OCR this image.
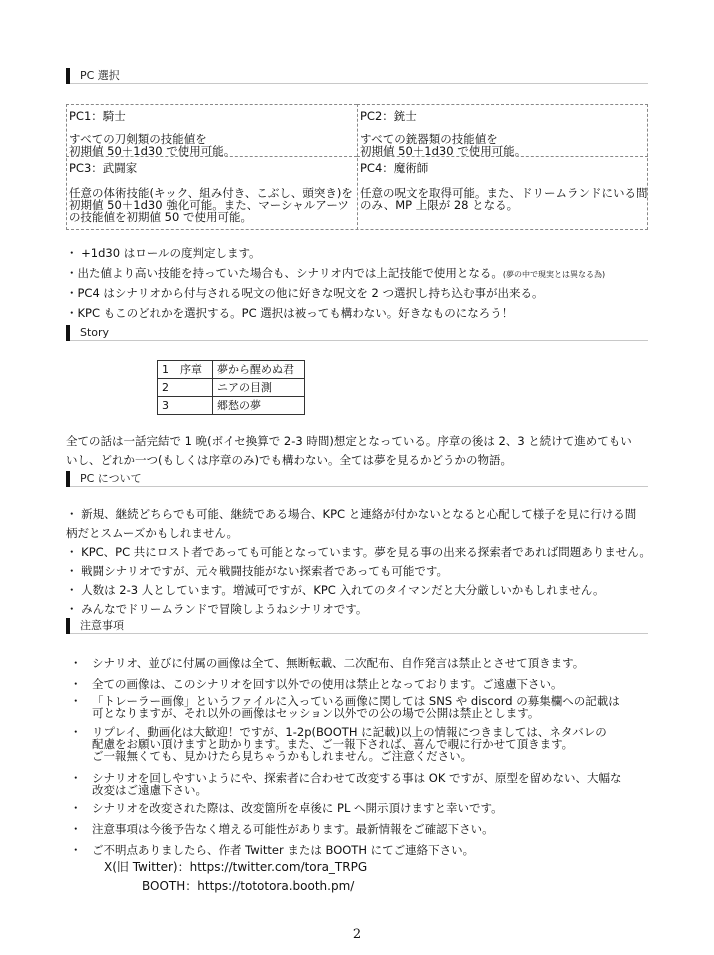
PC 選択
PC1：騎士
すべての刀剣類の技能値を
初期値 50＋1d30 で使用可能。
PC2：銃士
すべての銃器類の技能値を
初期値 50＋1d30 で使用可能。
PC3：武闘家
任意の体術技能(キック、組み付き、こぶし、頭突き)を
初期値 50＋1d30 強化可能。また、マーシャルアーツ
の技能値を初期値 50 で使用可能。
PC4：魔術師
任意の呪文を取得可能。また、ドリームランドにいる間
のみ、MP 上限が 28 となる。
・ +1d30 はロールの度判定します。
・出た値より高い技能を持っていた場合も、シナリオ内では上記技能で使用となる。(夢の中で現実とは異なる為)
・PC4 はシナリオから付与される呪文の他に好きな呪文を 2 つ選択し持ち込む事が出来る。
・KPC もこのどれかを選択する。PC 選択は被っても構わない。好きなものになろう！
Story
1　序章	夢から醒めぬ君
2	ニアの目測
3	郷愁の夢
全ての話は一話完結で 1 晩(ボイセ換算で 2-3 時間)想定となっている。序章の後は 2、3 と続けて進めてもい
いし、どれか一つ(もしくは序章のみ)でも構わない。全ては夢を見るかどうかの物語。
PC について
・ 新規、継続どちらでも可能、継続である場合、KPC と連絡が付かないとなると心配して様子を見に行ける間
柄だとスムーズかもしれません。
・ KPC、PC 共にロスト者であっても可能となっています。夢を見る事の出来る探索者であれば問題ありません。
・ 戦闘シナリオですが、元々戦闘技能がない探索者であっても可能です。
・ 人数は 2-3 人としています。増減可ですが、KPC 入れてのタイマンだと大分厳しいかもしれません。
・ みんなでドリームランドで冒険しようねシナリオです。
注意事項
・ シナリオ、並びに付属の画像は全て、無断転載、二次配布、自作発言は禁止とさせて頂きます。
・ 全ての画像は、このシナリオを回す以外での使用は禁止となっております。ご遠慮下さい。
・ 「トレーラー画像」というファイルに入っている画像に関しては SNS や discord の募集欄への記載は
可となりますが、それ以外の画像はセッション以外での公の場で公開は禁止とします。
・ リプレイ、動画化は大歓迎！ですが、1-2p(BOOTH に記載)以上の情報につきましては、ネタバレの
配慮をお願い頂けますと助かります。また、ご一報下されば、喜んで覗に行かせて頂きます。
ご一報無くても、見かけたら見ちゃうかもしれません。ご注意ください。
・ シナリオを回しやすいようにや、探索者に合わせて改変する事は OK ですが、原型を留めない、大幅な
改変はご遠慮下さい。
・ シナリオを改変された際は、改変箇所を卓後に PL へ開示頂けますと幸いです。
・ 注意事項は今後予告なく増える可能性があります。最新情報をご確認下さい。
・ ご不明点ありましたら、作者 Twitter または BOOTH にてご連絡下さい。
X(旧 Twitter)：https://twitter.com/tora_TRPG
BOOTH：https://tototora.booth.pm/
2
